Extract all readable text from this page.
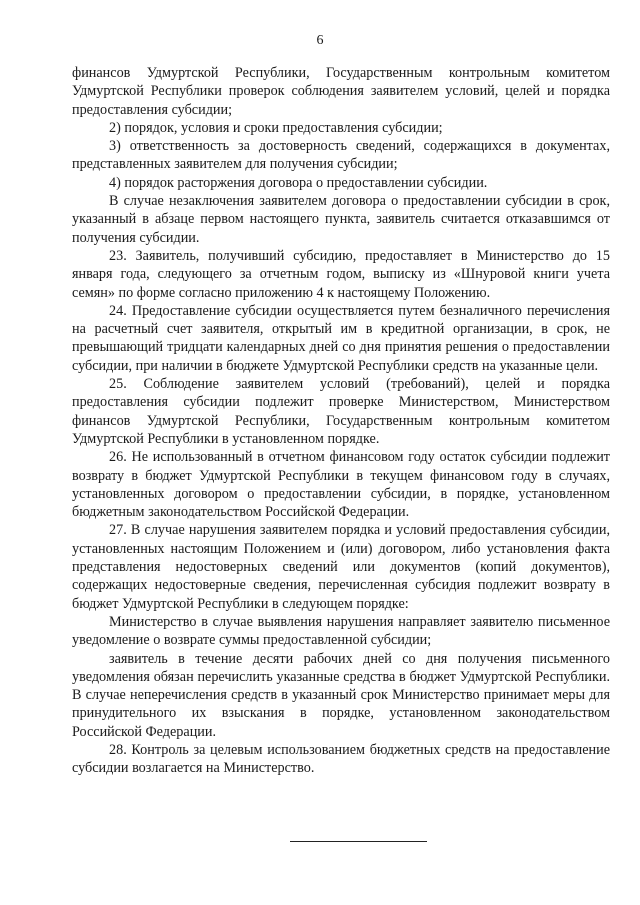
6

финансов Удмуртской Республики, Государственным контрольным комитетом Удмуртской Республики проверок соблюдения заявителем условий, целей и порядка предоставления субсидии;

2) порядок, условия и сроки предоставления субсидии;

3) ответственность за достоверность сведений, содержащихся в документах, представленных заявителем для получения субсидии;

4) порядок расторжения договора о предоставлении субсидии.

В случае незаключения заявителем договора о предоставлении субсидии в срок, указанный в абзаце первом настоящего пункта, заявитель считается отказавшимся от получения субсидии.

23. Заявитель, получивший субсидию, предоставляет в Министерство до 15 января года, следующего за отчетным годом, выписку из «Шнуровой книги учета семян» по форме согласно приложению 4 к настоящему Положению.

24. Предоставление субсидии осуществляется путем безналичного перечисления на расчетный счет заявителя, открытый им в кредитной организации, в срок, не превышающий тридцати календарных дней со дня принятия решения о предоставлении субсидии, при наличии в бюджете Удмуртской Республики средств на указанные цели.

25. Соблюдение заявителем условий (требований), целей и порядка предоставления субсидии подлежит проверке Министерством, Министерством финансов Удмуртской Республики, Государственным контрольным комитетом Удмуртской Республики в установленном порядке.

26. Не использованный в отчетном финансовом году остаток субсидии подлежит возврату в бюджет Удмуртской Республики в текущем финансовом году в случаях, установленных договором о предоставлении субсидии, в порядке, установленном бюджетным законодательством Российской Федерации.

27. В случае нарушения заявителем порядка и условий предоставления субсидии, установленных настоящим Положением и (или) договором, либо установления факта представления недостоверных сведений или документов (копий документов), содержащих недостоверные сведения, перечисленная субсидия подлежит возврату в бюджет Удмуртской Республики в следующем порядке:

Министерство в случае выявления нарушения направляет заявителю письменное уведомление о возврате суммы предоставленной субсидии;

заявитель в течение десяти рабочих дней со дня получения письменного уведомления обязан перечислить указанные средства в бюджет Удмуртской Республики. В случае неперечисления средств в указанный срок Министерство принимает меры для принудительного их взыскания в порядке, установленном законодательством Российской Федерации.

28. Контроль за целевым использованием бюджетных средств на предоставление субсидии возлагается на Министерство.
